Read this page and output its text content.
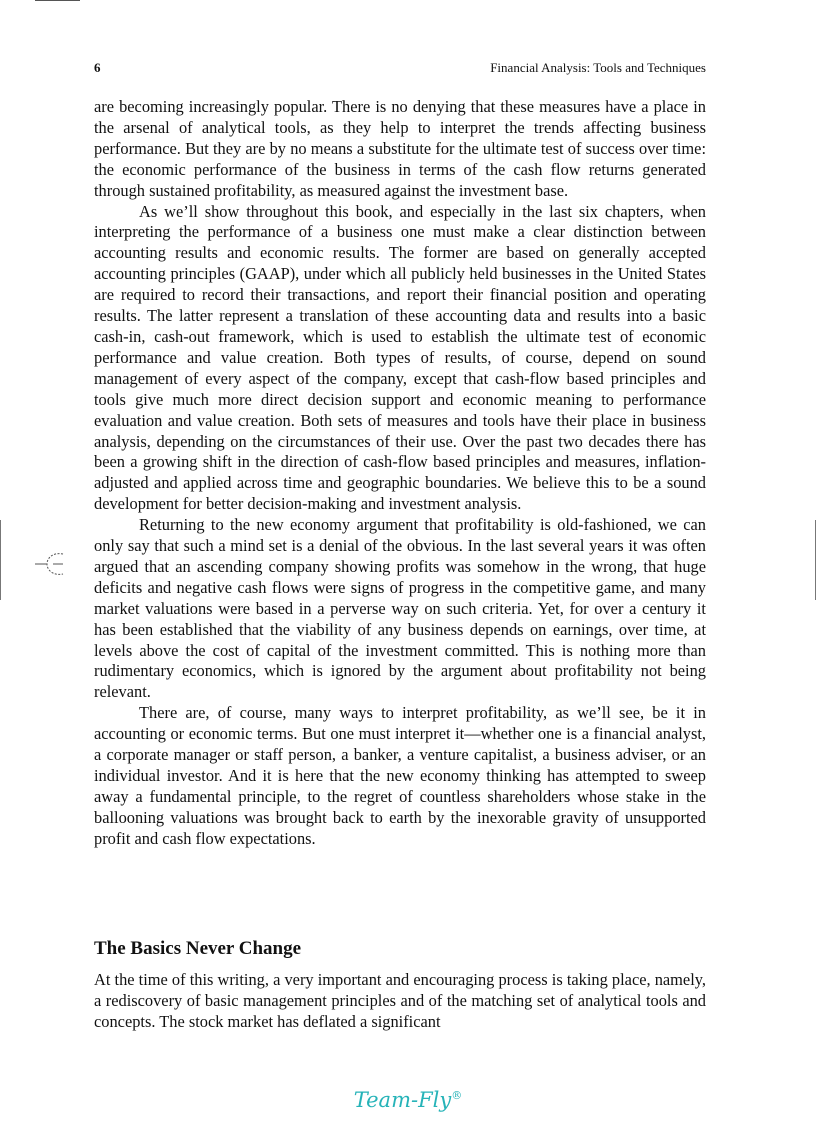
6	Financial Analysis: Tools and Techniques

are becoming increasingly popular. There is no denying that these measures have a place in the arsenal of analytical tools, as they help to interpret the trends affecting business performance. But they are by no means a substitute for the ultimate test of success over time: the economic performance of the business in terms of the cash flow returns generated through sustained profitability, as measured against the investment base.

As we’ll show throughout this book, and especially in the last six chapters, when interpreting the performance of a business one must make a clear distinction between accounting results and economic results. The former are based on generally accepted accounting principles (GAAP), under which all publicly held businesses in the United States are required to record their transactions, and report their financial position and operating results. The latter represent a translation of these accounting data and results into a basic cash-in, cash-out framework, which is used to establish the ultimate test of economic performance and value creation. Both types of results, of course, depend on sound management of every aspect of the company, except that cash-flow based principles and tools give much more direct decision support and economic meaning to performance evaluation and value creation. Both sets of measures and tools have their place in business analysis, depending on the circumstances of their use. Over the past two decades there has been a growing shift in the direction of cash-flow based principles and measures, inflation-adjusted and applied across time and geographic boundaries. We believe this to be a sound development for better decision-making and investment analysis.

Returning to the new economy argument that profitability is old-fashioned, we can only say that such a mind set is a denial of the obvious. In the last several years it was often argued that an ascending company showing profits was somehow in the wrong, that huge deficits and negative cash flows were signs of progress in the competitive game, and many market valuations were based in a perverse way on such criteria. Yet, for over a century it has been established that the viability of any business depends on earnings, over time, at levels above the cost of capital of the investment committed. This is nothing more than rudimentary economics, which is ignored by the argument about profitability not being relevant.

There are, of course, many ways to interpret profitability, as we’ll see, be it in accounting or economic terms. But one must interpret it—whether one is a financial analyst, a corporate manager or staff person, a banker, a venture capitalist, a business adviser, or an individual investor. And it is here that the new economy thinking has attempted to sweep away a fundamental principle, to the regret of countless shareholders whose stake in the ballooning valuations was brought back to earth by the inexorable gravity of unsupported profit and cash flow expectations.

The Basics Never Change

At the time of this writing, a very important and encouraging process is taking place, namely, a rediscovery of basic management principles and of the matching set of analytical tools and concepts. The stock market has deflated a significant

Team-Fly®
